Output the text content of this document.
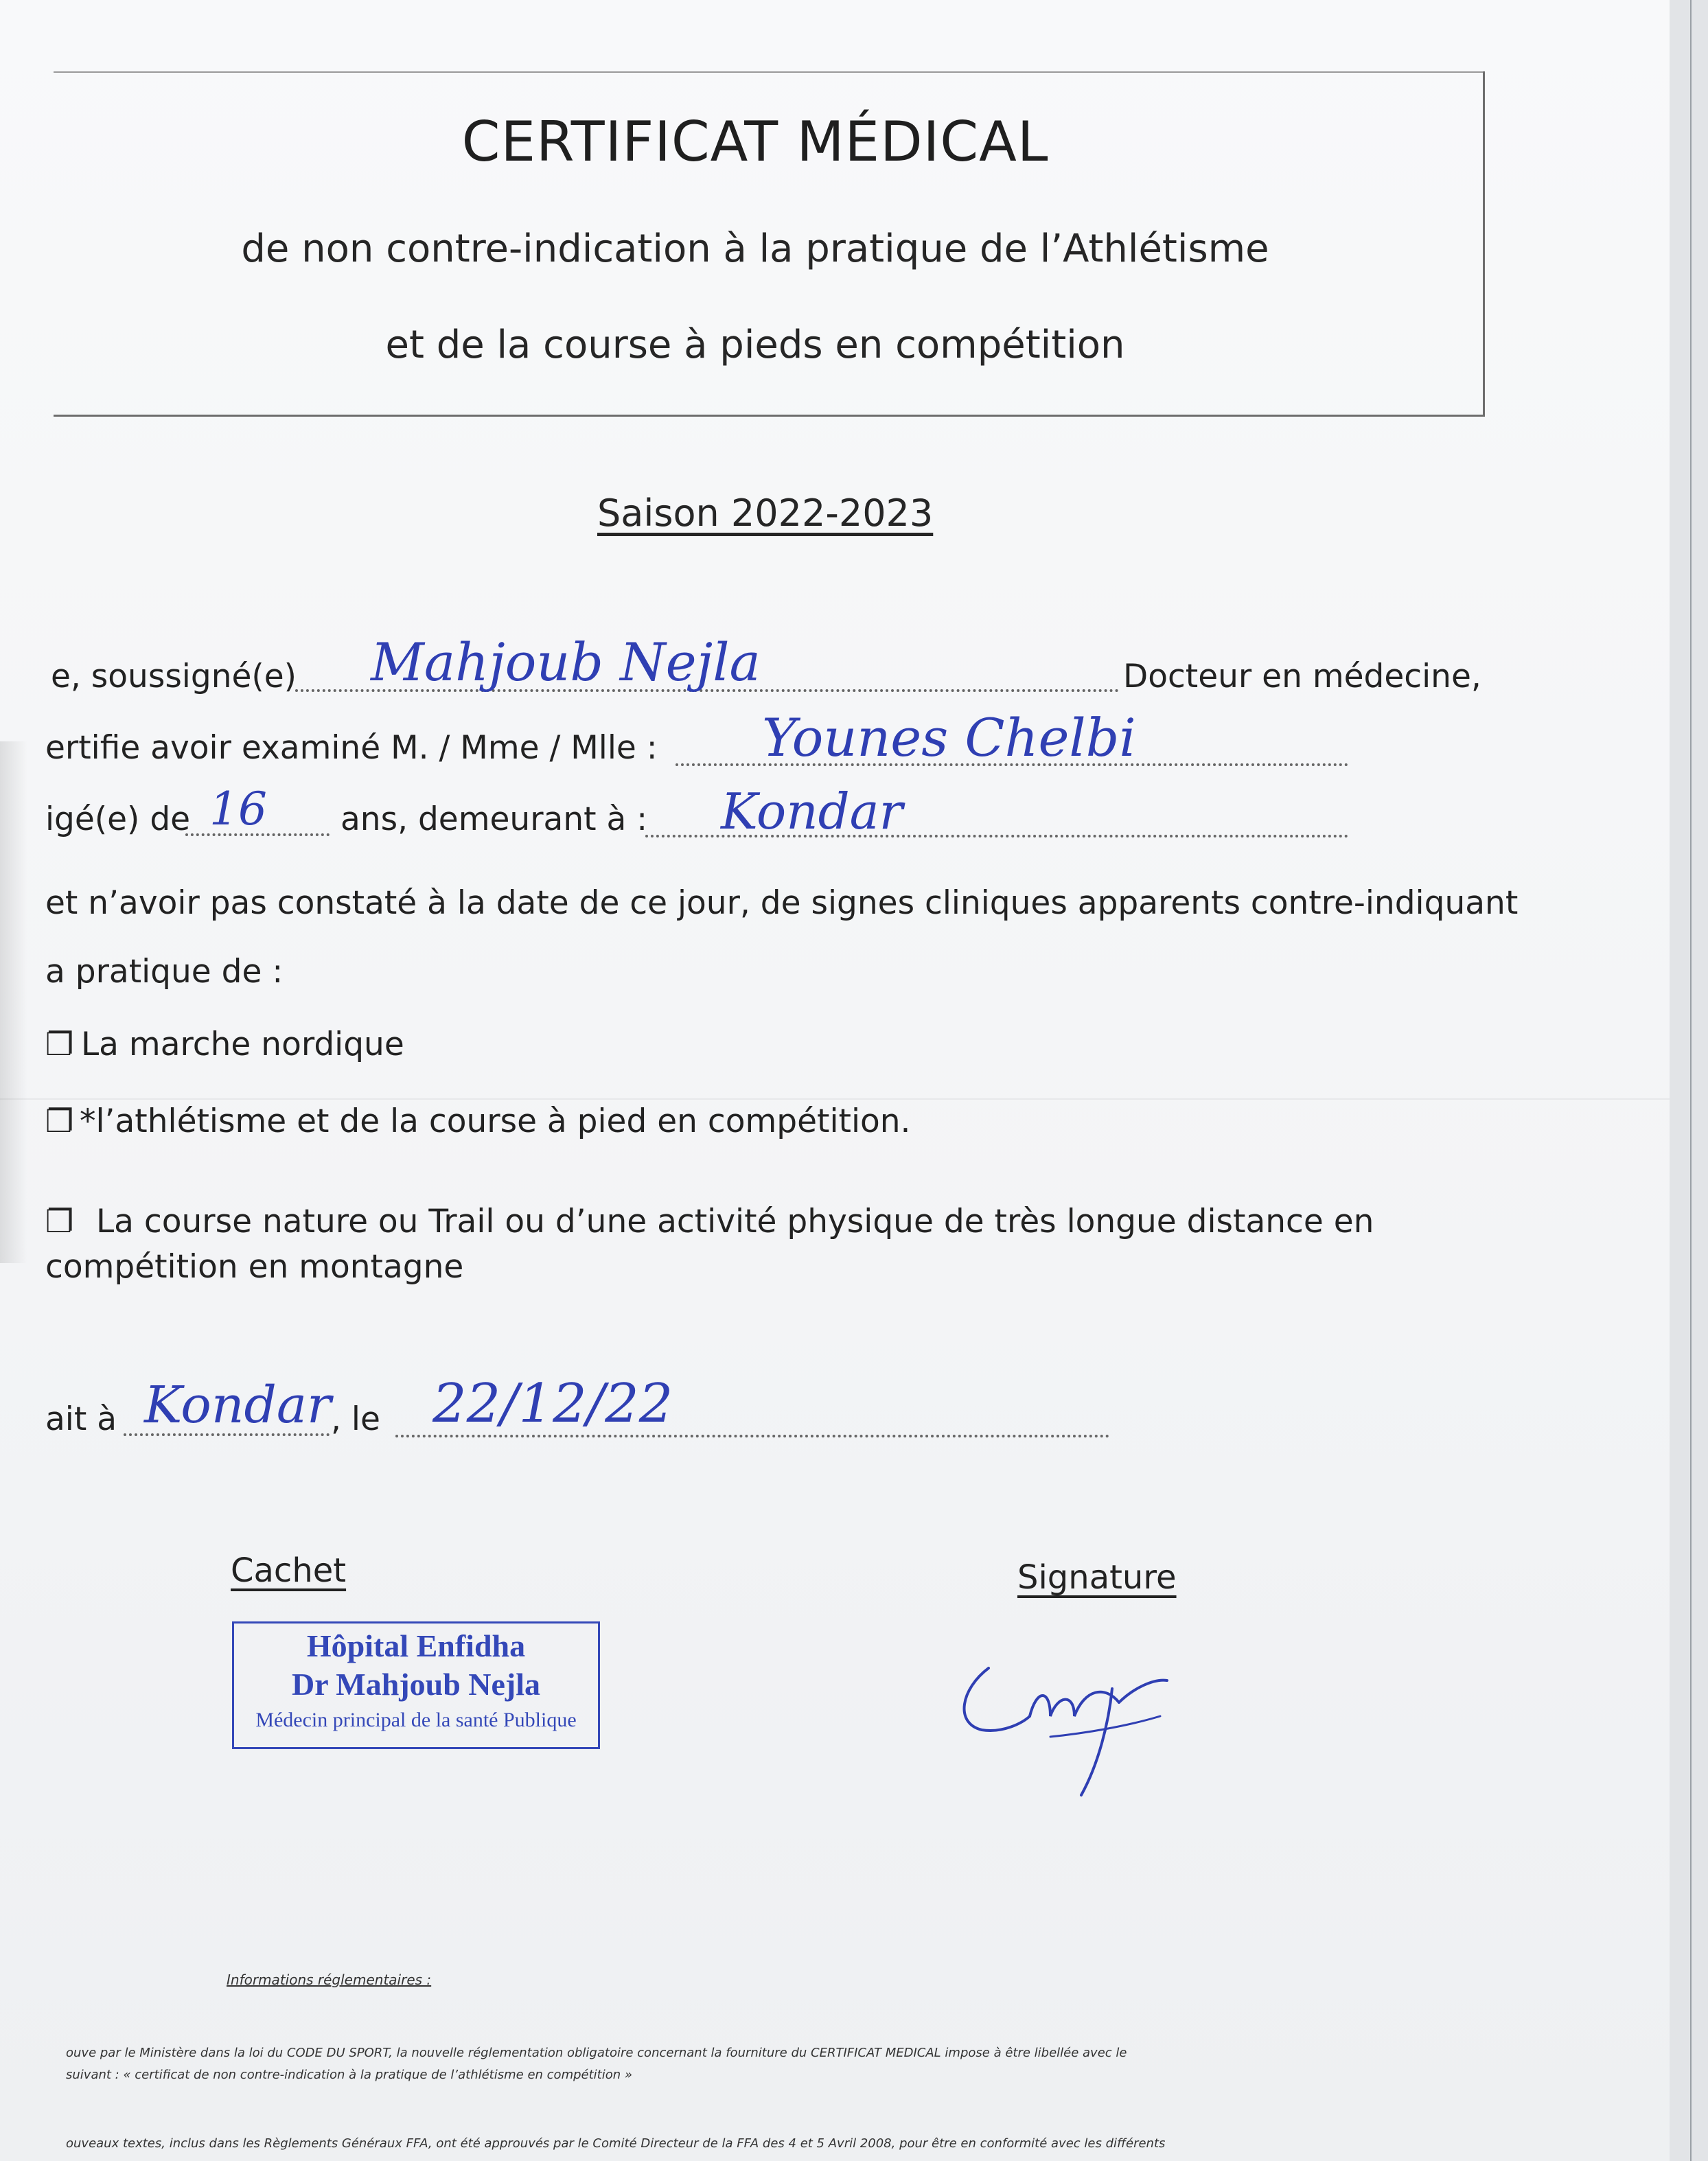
CERTIFICAT MÉDICAL
de non contre-indication à la pratique de l’Athlétisme
et de la course à pieds en compétition
Saison 2022-2023
e, soussigné(e) Mahjoub Nejla	Docteur en médecine,
ertifie avoir examiné M. / Mme / Mlle : Younes Chelbi
igé(e) de 16 ans, demeurant à : Kondar
et n’avoir pas constaté à la date de ce jour, de signes cliniques apparents contre-indiquant
a pratique de :
❐ La marche nordique
❐ *l’athlétisme et de la course à pied en compétition.
❐ La course nature ou Trail ou d’une activité physique de très longue distance en
compétition en montagne
ait à Kondar , le 22/12/22
Cachet	Signature
Hôpital Enfidha
Dr Mahjoub Nejla
Médecin principal de la santé Publique
Informations réglementaires :
ouve par le Ministère dans la loi du CODE DU SPORT, la nouvelle réglementation obligatoire concernant la fourniture du CERTIFICAT MEDICAL impose à être libellée avec le
suivant : « certificat de non contre-indication à la pratique de l’athlétisme en compétition »
ouveaux textes, inclus dans les Règlements Généraux FFA, ont été approuvés par le Comité Directeur de la FFA des 4 et 5 Avril 2008, pour être en conformité avec les différents
